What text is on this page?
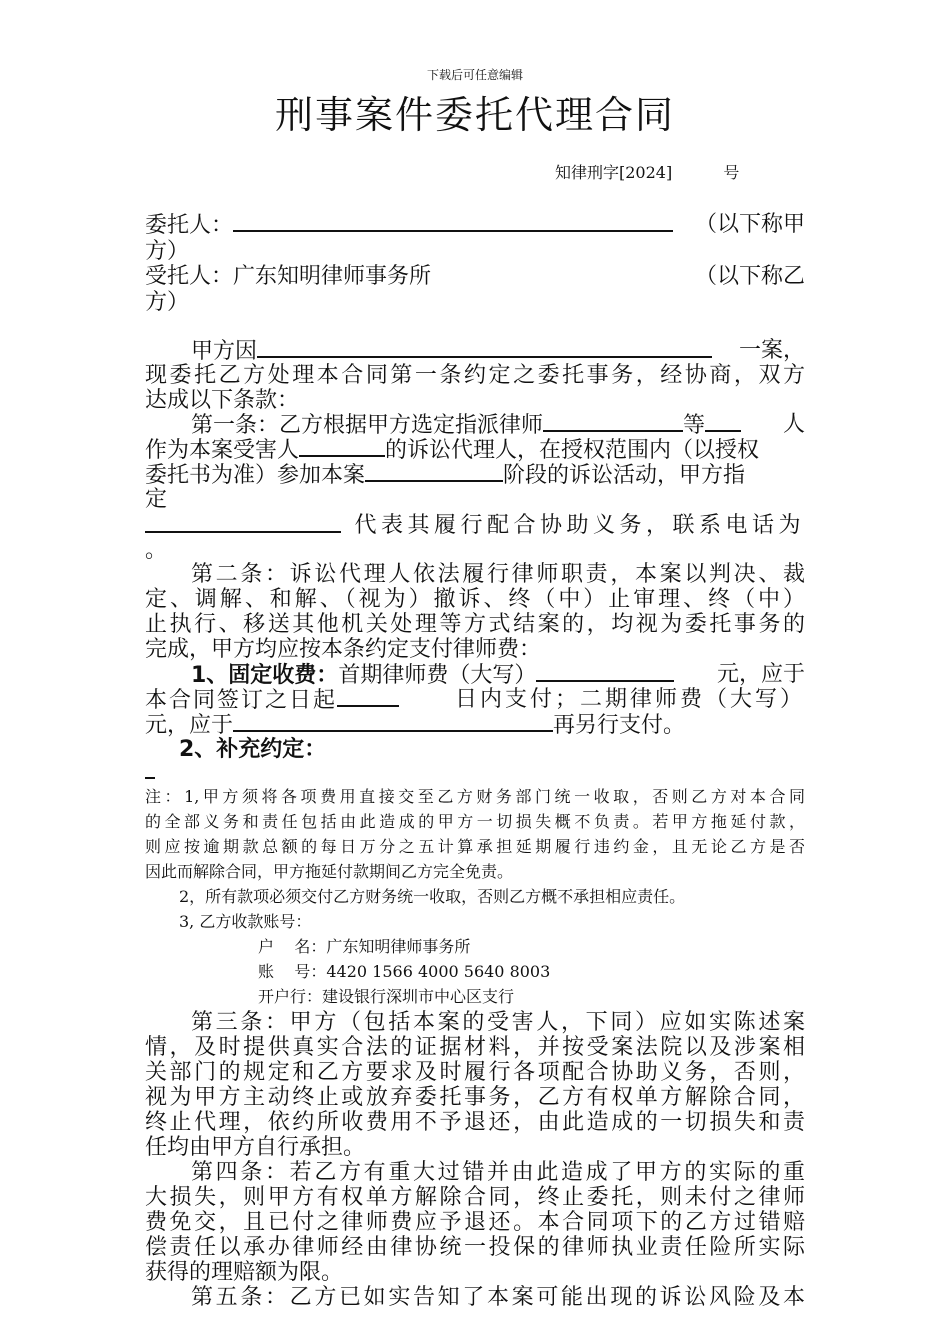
下载后可任意编辑
刑事案件委托代理合同
知律刑字[2024]	号
委托人：	（以下称甲
方）
受托人：广东知明律师事务所	（以下称乙
方）
甲方因	一案，
现委托乙方处理本合同第一条约定之委托事务，经协商，双方
达成以下条款：
第一条：乙方根据甲方选定指派律师	等	人
作为本案受害人	的诉讼代理人，在授权范围内（以授权
委托书为准）参加本案	阶段的诉讼活动，甲方指
定
代表其履行配合协助义务，联系电话为
。
第二条：诉讼代理人依法履行律师职责，本案以判决、裁
定、调解、和解、（视为）撤诉、终（中）止审理、终（中）
止执行、移送其他机关处理等方式结案的，均视为委托事务的
完成，甲方均应按本条约定支付律师费：
1、固定收费：首期律师费（大写）	元，应于
本合同签订之日起	日内支付；二期律师费（大写）
元，应于	再另行支付。
2、补充约定：
注：1,甲方须将各项费用直接交至乙方财务部门统一收取，否则乙方对本合同
的全部义务和责任包括由此造成的甲方一切损失概不负责。若甲方拖延付款，
则应按逾期款总额的每日万分之五计算承担延期履行违约金，且无论乙方是否
因此而解除合同，甲方拖延付款期间乙方完全免责。
2，所有款项必须交付乙方财务统一收取，否则乙方概不承担相应责任。
3, 乙方收款账号：
户    名：广东知明律师事务所
账    号：4420 1566 4000 5640 8003
开户行：建设银行深圳市中心区支行
第三条：甲方（包括本案的受害人，下同）应如实陈述案
情，及时提供真实合法的证据材料，并按受案法院以及涉案相
关部门的规定和乙方要求及时履行各项配合协助义务，否则，
视为甲方主动终止或放弃委托事务，乙方有权单方解除合同，
终止代理，依约所收费用不予退还，由此造成的一切损失和责
任均由甲方自行承担。
第四条：若乙方有重大过错并由此造成了甲方的实际的重
大损失，则甲方有权单方解除合同，终止委托，则未付之律师
费免交，且已付之律师费应予退还。本合同项下的乙方过错赔
偿责任以承办律师经由律协统一投保的律师执业责任险所实际
获得的理赔额为限。
第五条：乙方已如实告知了本案可能出现的诉讼风险及本
